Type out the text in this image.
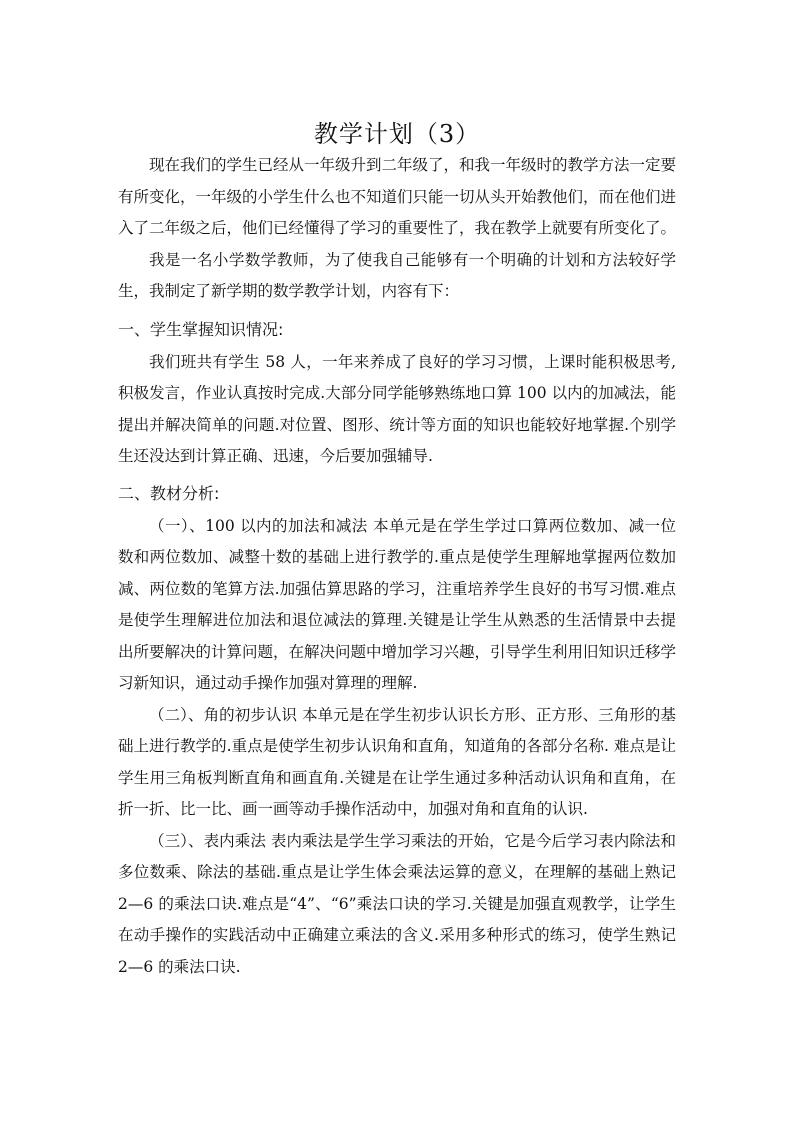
教学计划（3）

现在我们的学生已经从一年级升到二年级了，和我一年级时的教学方法一定要有所变化，一年级的小学生什么也不知道们只能一切从头开始教他们，而在他们进入了二年级之后，他们已经懂得了学习的重要性了，我在教学上就要有所变化了。

我是一名小学数学教师，为了使我自己能够有一个明确的计划和方法较好学生，我制定了新学期的数学教学计划，内容有下：

一、学生掌握知识情况:

我们班共有学生 58 人，一年来养成了良好的学习习惯，上课时能积极思考,积极发言，作业认真按时完成.大部分同学能够熟练地口算 100 以内的加减法，能提出并解决简单的问题.对位置、图形、统计等方面的知识也能较好地掌握.个别学生还没达到计算正确、迅速，今后要加强辅导.

二、教材分析:

（一）、100 以内的加法和减法 本单元是在学生学过口算两位数加、减一位数和两位数加、减整十数的基础上进行教学的.重点是使学生理解地掌握两位数加减、两位数的笔算方法.加强估算思路的学习，注重培养学生良好的书写习惯.难点是使学生理解进位加法和退位减法的算理.关键是让学生从熟悉的生活情景中去提出所要解决的计算问题，在解决问题中增加学习兴趣，引导学生利用旧知识迁移学习新知识，通过动手操作加强对算理的理解.

（二）、角的初步认识 本单元是在学生初步认识长方形、正方形、三角形的基础上进行教学的.重点是使学生初步认识角和直角，知道角的各部分名称. 难点是让学生用三角板判断直角和画直角.关键是在让学生通过多种活动认识角和直角，在折一折、比一比、画一画等动手操作活动中，加强对角和直角的认识.

（三）、表内乘法 表内乘法是学生学习乘法的开始，它是今后学习表内除法和多位数乘、除法的基础.重点是让学生体会乘法运算的意义，在理解的基础上熟记 2—6 的乘法口诀.难点是“4”、“6”乘法口诀的学习.关键是加强直观教学，让学生在动手操作的实践活动中正确建立乘法的含义.采用多种形式的练习，使学生熟记 2—6 的乘法口诀.
